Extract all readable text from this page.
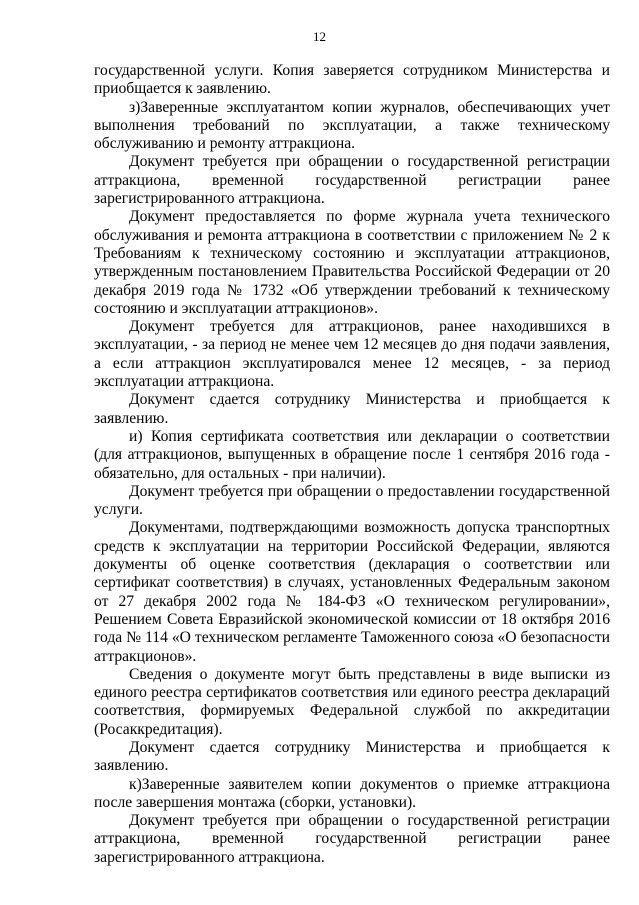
12

государственной услуги. Копия заверяется сотрудником Министерства и приобщается к заявлению.

з)Заверенные эксплуатантом копии журналов, обеспечивающих учет выполнения требований по эксплуатации, а также техническому обслуживанию и ремонту аттракциона.

Документ требуется при обращении о государственной регистрации аттракциона, временной государственной регистрации ранее зарегистрированного аттракциона.

Документ предоставляется по форме журнала учета технического обслуживания и ремонта аттракциона в соответствии с приложением № 2 к Требованиям к техническому состоянию и эксплуатации аттракционов, утвержденным постановлением Правительства Российской Федерации от 20 декабря 2019 года № 1732 «Об утверждении требований к техническому состоянию и эксплуатации аттракционов».

Документ требуется для аттракционов, ранее находившихся в эксплуатации, - за период не менее чем 12 месяцев до дня подачи заявления, а если аттракцион эксплуатировался менее 12 месяцев, - за период эксплуатации аттракциона.

Документ сдается сотруднику Министерства и приобщается к заявлению.

и) Копия сертификата соответствия или декларации о соответствии (для аттракционов, выпущенных в обращение после 1 сентября 2016 года - обязательно, для остальных - при наличии).

Документ требуется при обращении о предоставлении государственной услуги.

Документами, подтверждающими возможность допуска транспортных средств к эксплуатации на территории Российской Федерации, являются документы об оценке соответствия (декларация о соответствии или сертификат соответствия) в случаях, установленных Федеральным законом от 27 декабря 2002 года № 184-ФЗ «О техническом регулировании», Решением Совета Евразийской экономической комиссии от 18 октября 2016 года № 114 «О техническом регламенте Таможенного союза «О безопасности аттракционов».

Сведения о документе могут быть представлены в виде выписки из единого реестра сертификатов соответствия или единого реестра деклараций соответствия, формируемых Федеральной службой по аккредитации (Росаккредитация).

Документ сдается сотруднику Министерства и приобщается к заявлению.

к)Заверенные заявителем копии документов о приемке аттракциона после завершения монтажа (сборки, установки).

Документ требуется при обращении о государственной регистрации аттракциона, временной государственной регистрации ранее зарегистрированного аттракциона.
